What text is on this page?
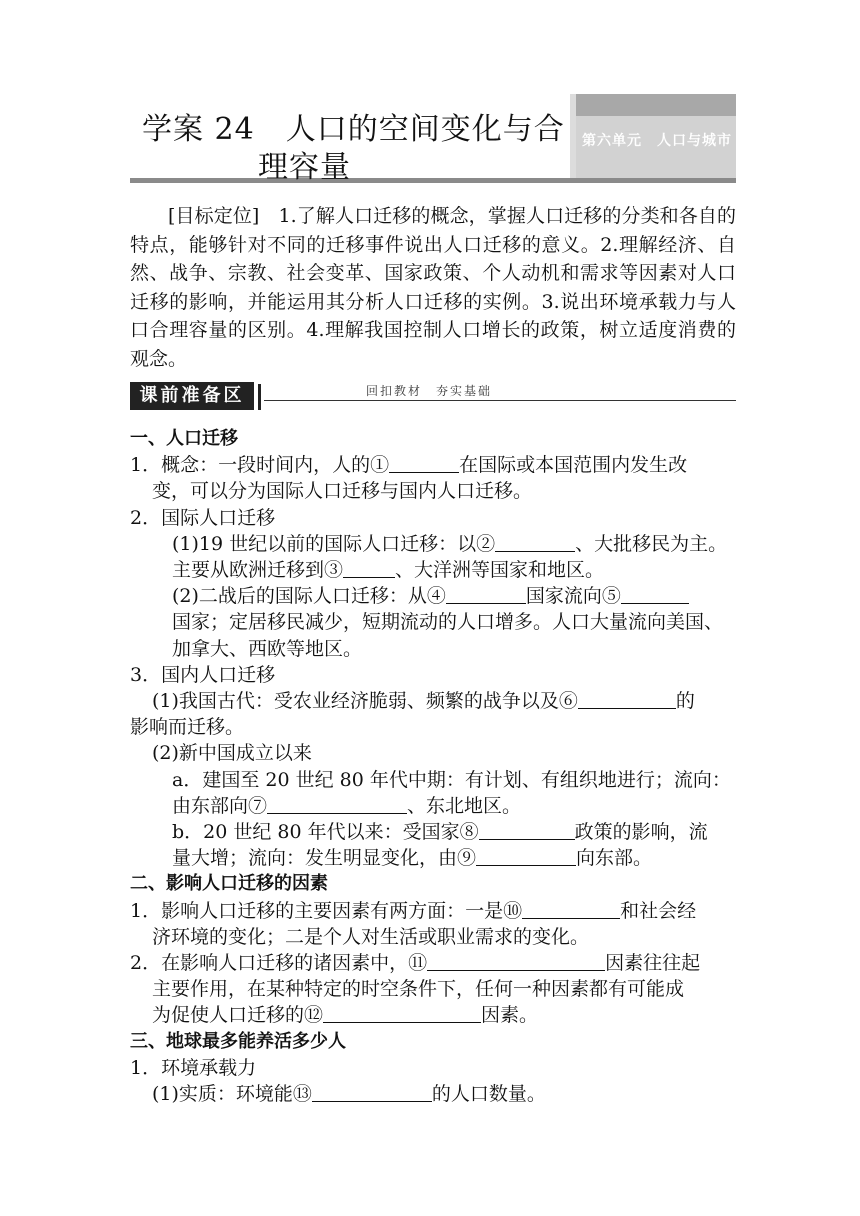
第六单元　人口与城市
学案 24　人口的空间变化与合
理容量
[目标定位]　1.了解人口迁移的概念，掌握人口迁移的分类和各自的特点，能够针对不同的迁移事件说出人口迁移的意义。2.理解经济、自然、战争、宗教、社会变革、国家政策、个人动机和需求等因素对人口迁移的影响，并能运用其分析人口迁移的实例。3.说出环境承载力与人口合理容量的区别。4.理解我国控制人口增长的政策，树立适度消费的观念。
课前准备区	回扣教材　夯实基础
一、人口迁移
1．概念：一段时间内，人的①	在国际或本国范围内发生改
变，可以分为国际人口迁移与国内人口迁移。
2．国际人口迁移
(1)19 世纪以前的国际人口迁移：以②	、大批移民为主。
主要从欧洲迁移到③	、大洋洲等国家和地区。
(2)二战后的国际人口迁移：从④	国家流向⑤
国家；定居移民减少，短期流动的人口增多。人口大量流向美国、
加拿大、西欧等地区。
3．国内人口迁移
(1)我国古代：受农业经济脆弱、频繁的战争以及⑥	的
影响而迁移。
(2)新中国成立以来
a．建国至 20 世纪 80 年代中期：有计划、有组织地进行；流向：
由东部向⑦	、东北地区。
b．20 世纪 80 年代以来：受国家⑧	政策的影响，流
量大增；流向：发生明显变化，由⑨	向东部。
二、影响人口迁移的因素
1．影响人口迁移的主要因素有两方面：一是⑩	和社会经
济环境的变化；二是个人对生活或职业需求的变化。
2．在影响人口迁移的诸因素中，⑪	因素往往起
主要作用，在某种特定的时空条件下，任何一种因素都有可能成
为促使人口迁移的⑫	因素。
三、地球最多能养活多少人
1．环境承载力
(1)实质：环境能⑬	的人口数量。
